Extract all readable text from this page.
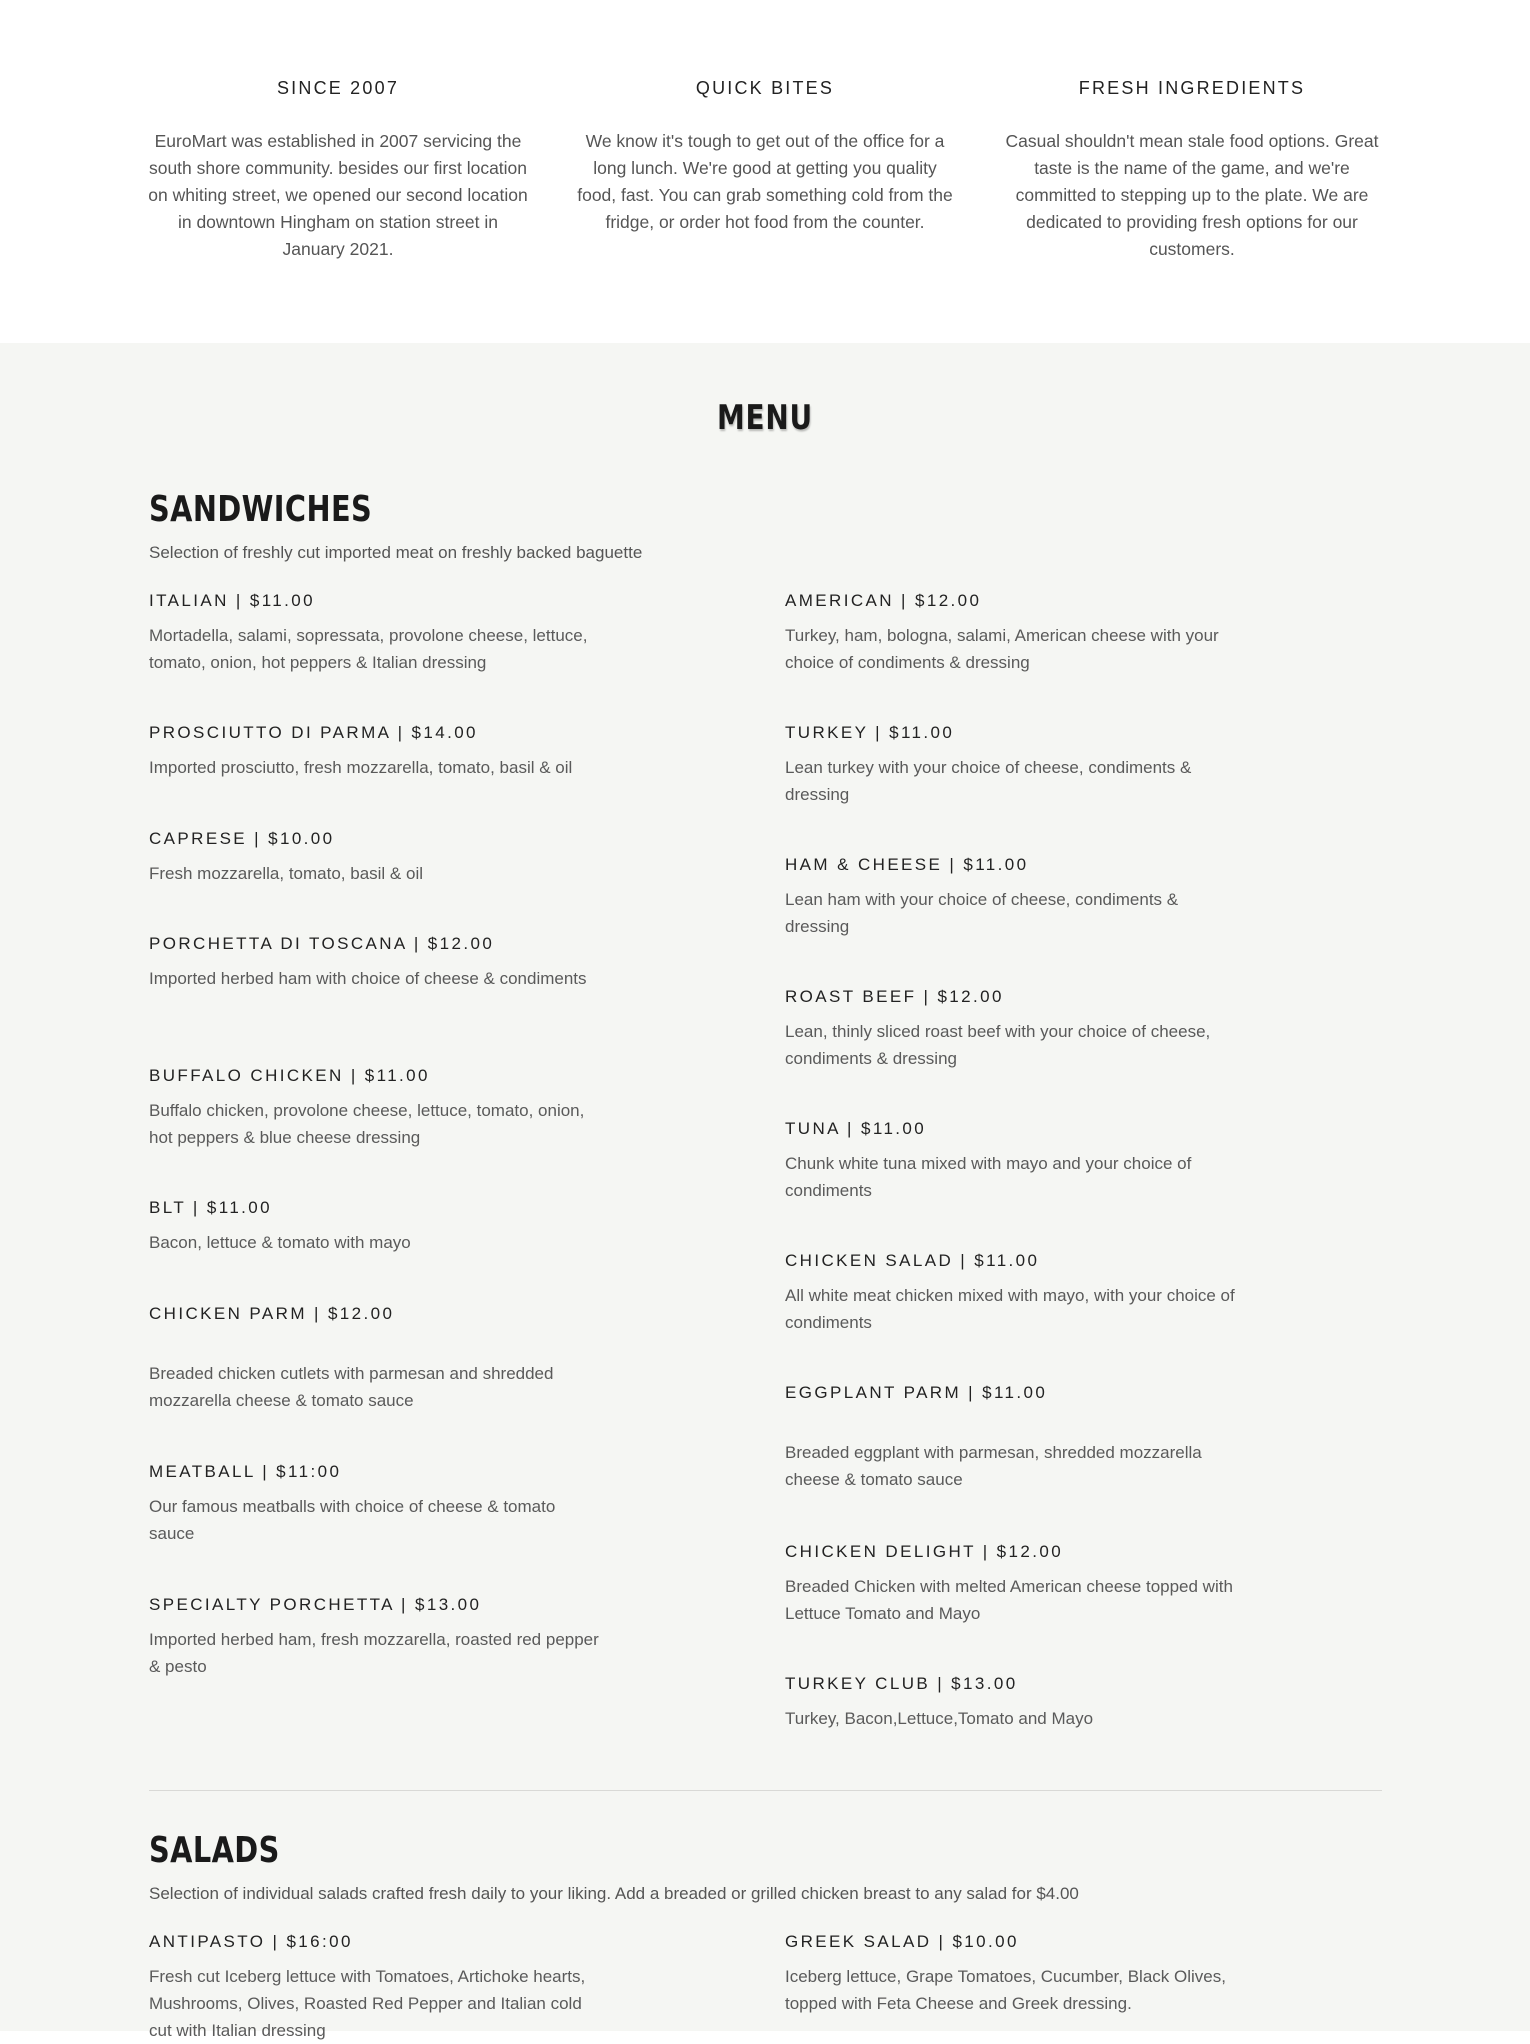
SINCE 2007

EuroMart was established in 2007 servicing the south shore community. besides our first location on whiting street, we opened our second location in downtown Hingham on station street in January 2021.

QUICK BITES

We know it's tough to get out of the office for a long lunch. We're good at getting you quality food, fast. You can grab something cold from the fridge, or order hot food from the counter.

FRESH INGREDIENTS

Casual shouldn't mean stale food options. Great taste is the name of the game, and we're committed to stepping up to the plate. We are dedicated to providing fresh options for our customers.

MENU
SANDWICHES

Selection of freshly cut imported meat on freshly backed baguette

ITALIAN | $11.00
Mortadella, salami, sopressata, provolone cheese, lettuce, tomato, onion, hot peppers & Italian dressing
PROSCIUTTO DI PARMA | $14.00
Imported prosciutto, fresh mozzarella, tomato, basil & oil
CAPRESE | $10.00
Fresh mozzarella, tomato, basil & oil
PORCHETTA DI TOSCANA | $12.00
Imported herbed ham with choice of cheese & condiments
BUFFALO CHICKEN | $11.00
Buffalo chicken, provolone cheese, lettuce, tomato, onion, hot peppers & blue cheese dressing
BLT | $11.00
Bacon, lettuce & tomato with mayo
CHICKEN PARM | $12.00
Breaded chicken cutlets with parmesan and shredded mozzarella cheese & tomato sauce
MEATBALL | $11:00
Our famous meatballs with choice of cheese & tomato sauce
SPECIALTY PORCHETTA | $13.00
Imported herbed ham, fresh mozzarella, roasted red pepper & pesto
AMERICAN | $12.00
Turkey, ham, bologna, salami, American cheese with your choice of condiments & dressing
TURKEY | $11.00
Lean turkey with your choice of cheese, condiments & dressing
HAM & CHEESE | $11.00
Lean ham with your choice of cheese, condiments & dressing
ROAST BEEF | $12.00
Lean, thinly sliced roast beef with your choice of cheese, condiments & dressing
TUNA | $11.00
Chunk white tuna mixed with mayo and your choice of condiments
CHICKEN SALAD | $11.00
All white meat chicken mixed with mayo, with your choice of condiments
EGGPLANT PARM | $11.00
Breaded eggplant with parmesan, shredded mozzarella cheese & tomato sauce
CHICKEN DELIGHT | $12.00
Breaded Chicken with melted American cheese topped with Lettuce Tomato and Mayo
TURKEY CLUB | $13.00
Turkey, Bacon,Lettuce,Tomato and Mayo
SALADS

Selection of individual salads crafted fresh daily to your liking. Add a breaded or grilled chicken breast to any salad for $4.00

ANTIPASTO | $16:00
Fresh cut Iceberg lettuce with Tomatoes, Artichoke hearts, Mushrooms, Olives, Roasted Red Pepper and Italian cold cut with Italian dressing
GREEK SALAD | $10.00
Iceberg lettuce, Grape Tomatoes, Cucumber, Black Olives, topped with Feta Cheese and Greek dressing.
